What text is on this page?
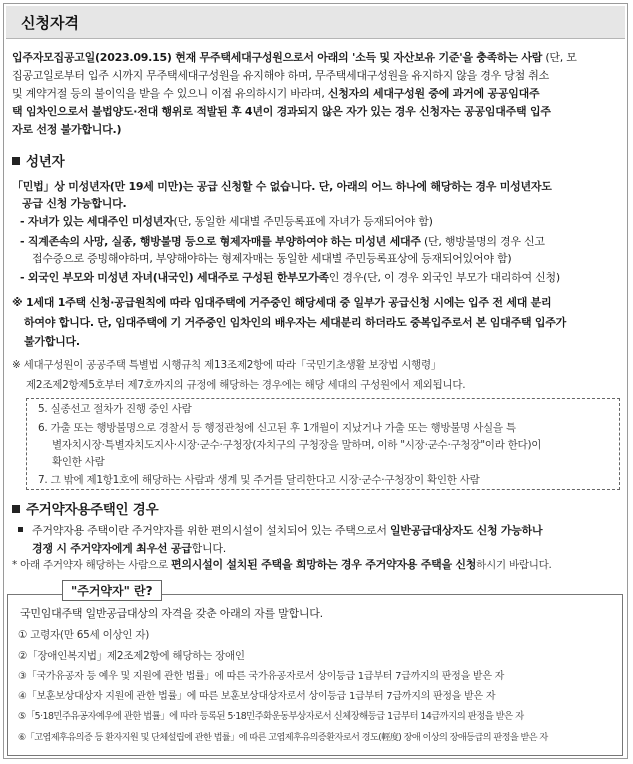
신청자격
입주자모집공고일(2023.09.15) 현재 무주택세대구성원으로서 아래의 '소득 및 자산보유 기준'을 충족하는 사람 (단, 모
집공고일로부터 입주 시까지 무주택세대구성원을 유지해야 하며, 무주택세대구성원을 유지하지 않을 경우 당첨 취소
및 계약거절 등의 불이익을 받을 수 있으니 이점 유의하시기 바라며, 신청자의 세대구성원 중에 과거에 공공임대주
택 임차인으로서 불법양도·전대 행위로 적발된 후 4년이 경과되지 않은 자가 있는 경우 신청자는 공공임대주택 입주
자로 선정 불가합니다.)
성년자
「민법」상 미성년자(만 19세 미만)는 공급 신청할 수 없습니다. 단, 아래의 어느 하나에 해당하는 경우 미성년자도
공급 신청 가능합니다.
- 자녀가 있는 세대주인 미성년자(단, 동일한 세대별 주민등록표에 자녀가 등재되어야 함)
- 직계존속의 사망, 실종, 행방불명 등으로 형제자매를 부양하여야 하는 미성년 세대주 (단, 행방불명의 경우 신고
접수증으로 증빙해야하며, 부양해야하는 형제자매는 동일한 세대별 주민등록표상에 등재되어있어야 함)
- 외국인 부모와 미성년 자녀(내국인) 세대주로 구성된 한부모가족인 경우(단, 이 경우 외국인 부모가 대리하여 신청)
※ 1세대 1주택 신청·공급원칙에 따라 임대주택에 거주중인 해당세대 중 일부가 공급신청 시에는 입주 전 세대 분리
하여야 합니다. 단, 임대주택에 기 거주중인 임차인의 배우자는 세대분리 하더라도 중복입주로서 본 임대주택 입주가
불가합니다.
※ 세대구성원이 공공주택 특별법 시행규칙 제13조제2항에 따라「국민기초생활 보장법 시행령」
제2조제2항제5호부터 제7호까지의 규정에 해당하는 경우에는 해당 세대의 구성원에서 제외됩니다.
5. 실종선고 절차가 진행 중인 사람
6. 가출 또는 행방불명으로 경찰서 등 행정관청에 신고된 후 1개월이 지났거나 가출 또는 행방불명 사실을 특
별자치시장·특별자치도지사·시장·군수·구청장(자치구의 구청장을 말하며, 이하 "시장·군수·구청장"이라 한다)이
확인한 사람
7. 그 밖에 제1항1호에 해당하는 사람과 생계 및 주거를 달리한다고 시장·군수·구청장이 확인한 사람
주거약자용주택인 경우
주거약자용 주택이란 주거약자를 위한 편의시설이 설치되어 있는 주택으로서 일반공급대상자도 신청 가능하나
경쟁 시 주거약자에게 최우선 공급합니다.
* 아래 주거약자 해당하는 사람으로 편의시설이 설치된 주택을 희망하는 경우 주거약자용 주택을 신청하시기 바랍니다.
"주거약자" 란?
국민임대주택 일반공급대상의 자격을 갖춘 아래의 자를 말합니다.
① 고령자(만 65세 이상인 자)
②「장애인복지법」제2조제2항에 해당하는 장애인
③「국가유공자 등 예우 및 지원에 관한 법률」에 따른 국가유공자로서 상이등급 1급부터 7급까지의 판정을 받은 자
④「보훈보상대상자 지원에 관한 법률」에 따른 보훈보상대상자로서 상이등급 1급부터 7급까지의 판정을 받은 자
⑤「5·18민주유공자예우에 관한 법률」에 따라 등록된 5·18민주화운동부상자로서 신체장해등급 1급부터 14급까지의 판정을 받은 자
⑥「고엽제후유의증 등 환자지원 및 단체설립에 관한 법률」에 따른 고엽제후유의증환자로서 경도(輕度) 장애 이상의 장애등급의 판정을 받은 자
